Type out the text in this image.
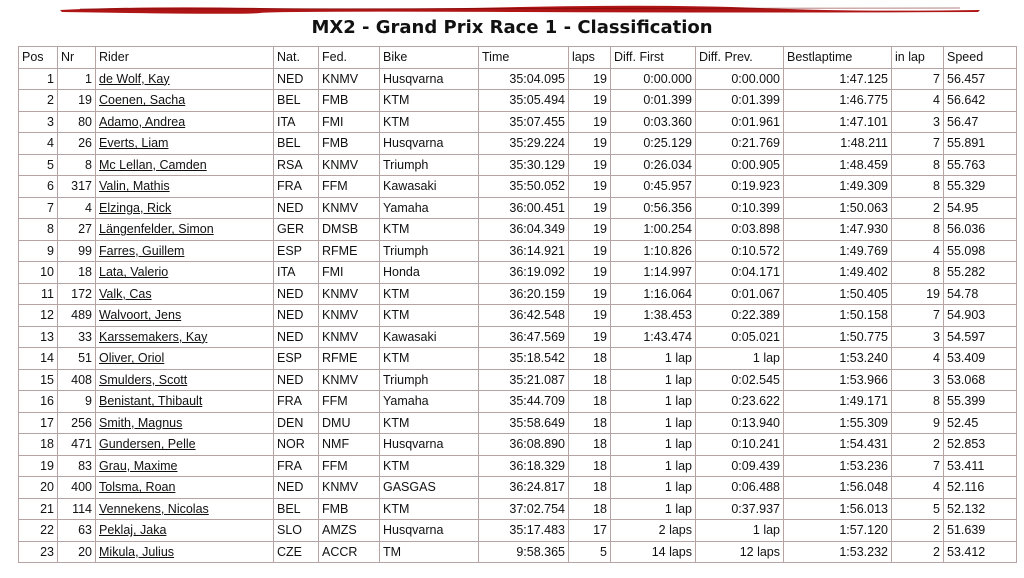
MX2 - Grand Prix Race 1 - Classification
Pos	Nr	Rider	Nat.	Fed.	Bike	Time	laps	Diff. First	Diff. Prev.	Bestlaptime	in lap	Speed
1	1	de Wolf, Kay	NED	KNMV	Husqvarna	35:04.095	19	0:00.000	0:00.000	1:47.125	7	56.457
2	19	Coenen, Sacha	BEL	FMB	KTM	35:05.494	19	0:01.399	0:01.399	1:46.775	4	56.642
3	80	Adamo, Andrea	ITA	FMI	KTM	35:07.455	19	0:03.360	0:01.961	1:47.101	3	56.47
4	26	Everts, Liam	BEL	FMB	Husqvarna	35:29.224	19	0:25.129	0:21.769	1:48.211	7	55.891
5	8	Mc Lellan, Camden	RSA	KNMV	Triumph	35:30.129	19	0:26.034	0:00.905	1:48.459	8	55.763
6	317	Valin, Mathis	FRA	FFM	Kawasaki	35:50.052	19	0:45.957	0:19.923	1:49.309	8	55.329
7	4	Elzinga, Rick	NED	KNMV	Yamaha	36:00.451	19	0:56.356	0:10.399	1:50.063	2	54.95
8	27	Längenfelder, Simon	GER	DMSB	KTM	36:04.349	19	1:00.254	0:03.898	1:47.930	8	56.036
9	99	Farres, Guillem	ESP	RFME	Triumph	36:14.921	19	1:10.826	0:10.572	1:49.769	4	55.098
10	18	Lata, Valerio	ITA	FMI	Honda	36:19.092	19	1:14.997	0:04.171	1:49.402	8	55.282
11	172	Valk, Cas	NED	KNMV	KTM	36:20.159	19	1:16.064	0:01.067	1:50.405	19	54.78
12	489	Walvoort, Jens	NED	KNMV	KTM	36:42.548	19	1:38.453	0:22.389	1:50.158	7	54.903
13	33	Karssemakers, Kay	NED	KNMV	Kawasaki	36:47.569	19	1:43.474	0:05.021	1:50.775	3	54.597
14	51	Oliver, Oriol	ESP	RFME	KTM	35:18.542	18	1 lap	1 lap	1:53.240	4	53.409
15	408	Smulders, Scott	NED	KNMV	Triumph	35:21.087	18	1 lap	0:02.545	1:53.966	3	53.068
16	9	Benistant, Thibault	FRA	FFM	Yamaha	35:44.709	18	1 lap	0:23.622	1:49.171	8	55.399
17	256	Smith, Magnus	DEN	DMU	KTM	35:58.649	18	1 lap	0:13.940	1:55.309	9	52.45
18	471	Gundersen, Pelle	NOR	NMF	Husqvarna	36:08.890	18	1 lap	0:10.241	1:54.431	2	52.853
19	83	Grau, Maxime	FRA	FFM	KTM	36:18.329	18	1 lap	0:09.439	1:53.236	7	53.411
20	400	Tolsma, Roan	NED	KNMV	GASGAS	36:24.817	18	1 lap	0:06.488	1:56.048	4	52.116
21	114	Vennekens, Nicolas	BEL	FMB	KTM	37:02.754	18	1 lap	0:37.937	1:56.013	5	52.132
22	63	Peklaj, Jaka	SLO	AMZS	Husqvarna	35:17.483	17	2 laps	1 lap	1:57.120	2	51.639
23	20	Mikula, Julius	CZE	ACCR	TM	9:58.365	5	14 laps	12 laps	1:53.232	2	53.412
